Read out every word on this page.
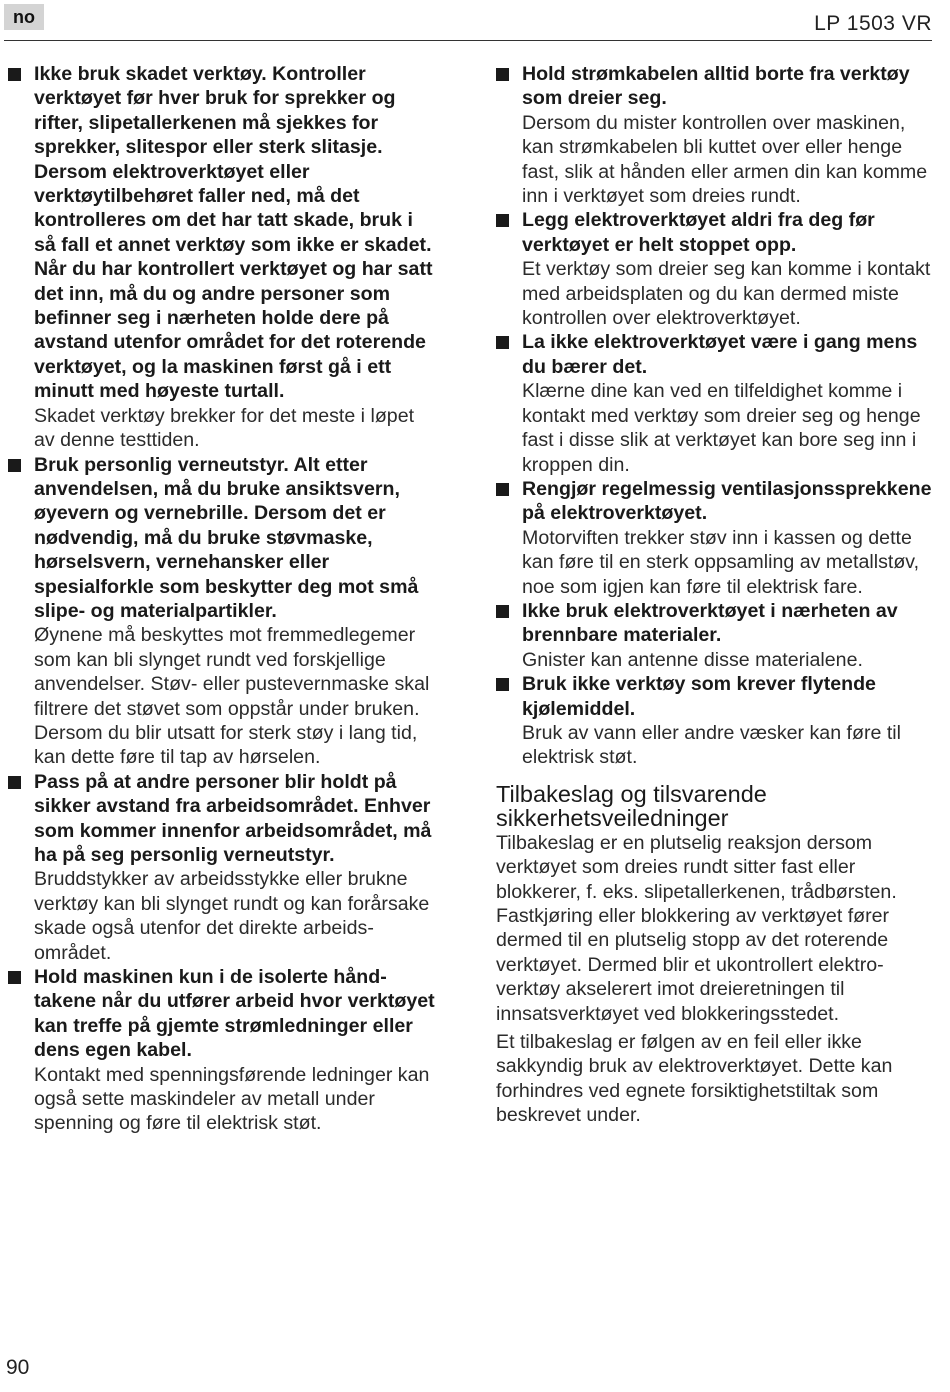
no	LP 1503 VR
Ikke bruk skadet verktøy. Kontroller verktøyet før hver bruk for sprekker og rifter, slipetallerkenen må sjekkes for sprekker, slitespor eller sterk slitasje. Dersom elektroverktøyet eller verktøytilbehøret faller ned, må det kontrolleres om det har tatt skade, bruk i så fall et annet verktøy som ikke er skadet. Når du har kontrollert verktøyet og har satt det inn, må du og andre personer som befinner seg i nærheten holde dere på avstand utenfor området for det roterende verktøyet, og la maskinen først gå i ett minutt med høyeste turtall.
Skadet verktøy brekker for det meste i løpet av denne testtiden.
Bruk personlig verneutstyr. Alt etter anvendelsen, må du bruke ansiktsvern, øyevern og vernebrille. Dersom det er nødvendig, må du bruke støvmaske, hørselsvern, vernehansker eller spesialforkle som beskytter deg mot små slipe- og materialpartikler.
Øynene må beskyttes mot fremmedlegemer som kan bli slynget rundt ved forskjellige anvendelser. Støv- eller pustevernmaske skal filtrere det støvet som oppstår under bruken. Dersom du blir utsatt for sterk støy i lang tid, kan dette føre til tap av hørselen.
Pass på at andre personer blir holdt på sikker avstand fra arbeidsområdet. Enhver som kommer innenfor arbeidsområdet, må ha på seg personlig verneutstyr.
Bruddstykker av arbeidsstykke eller brukne verktøy kan bli slynget rundt og kan forårsake skade også utenfor det direkte arbeidsområdet.
Hold maskinen kun i de isolerte håndtakene når du utfører arbeid hvor verktøyet kan treffe på gjemte strømledninger eller dens egen kabel.
Kontakt med spenningsførende ledninger kan også sette maskindeler av metall under spenning og føre til elektrisk støt.
Hold strømkabelen alltid borte fra verktøy som dreier seg.
Dersom du mister kontrollen over maskinen, kan strømkabelen bli kuttet over eller henge fast, slik at hånden eller armen din kan komme inn i verktøyet som dreies rundt.
Legg elektroverktøyet aldri fra deg før verktøyet er helt stoppet opp.
Et verktøy som dreier seg kan komme i kontakt med arbeidsplaten og du kan dermed miste kontrollen over elektroverktøyet.
La ikke elektroverktøyet være i gang mens du bærer det.
Klærne dine kan ved en tilfeldighet komme i kontakt med verktøy som dreier seg og henge fast i disse slik at verktøyet kan bore seg inn i kroppen din.
Rengjør regelmessig ventilasjonssprekkene på elektroverktøyet.
Motorviften trekker støv inn i kassen og dette kan føre til en sterk oppsamling av metallstøv, noe som igjen kan føre til elektrisk fare.
Ikke bruk elektroverktøyet i nærheten av brennbare materialer.
Gnister kan antenne disse materialene.
Bruk ikke verktøy som krever flytende kjølemiddel.
Bruk av vann eller andre væsker kan føre til elektrisk støt.
Tilbakeslag og tilsvarende sikkerhetsveiledninger

Tilbakeslag er en plutselig reaksjon dersom verktøyet som dreies rundt sitter fast eller blokkerer, f. eks. slipetallerkenen, trådbørsten. Fastkjøring eller blokkering av verktøyet fører dermed til en plutselig stopp av det roterende verktøyet. Dermed blir et ukontrollert elektroverktøy akselerert imot dreieretningen til innsatsverktøyet ved blokkeringsstedet.

Et tilbakeslag er følgen av en feil eller ikke sakkyndig bruk av elektroverktøyet. Dette kan forhindres ved egnete forsiktighetstiltak som beskrevet under.

90
